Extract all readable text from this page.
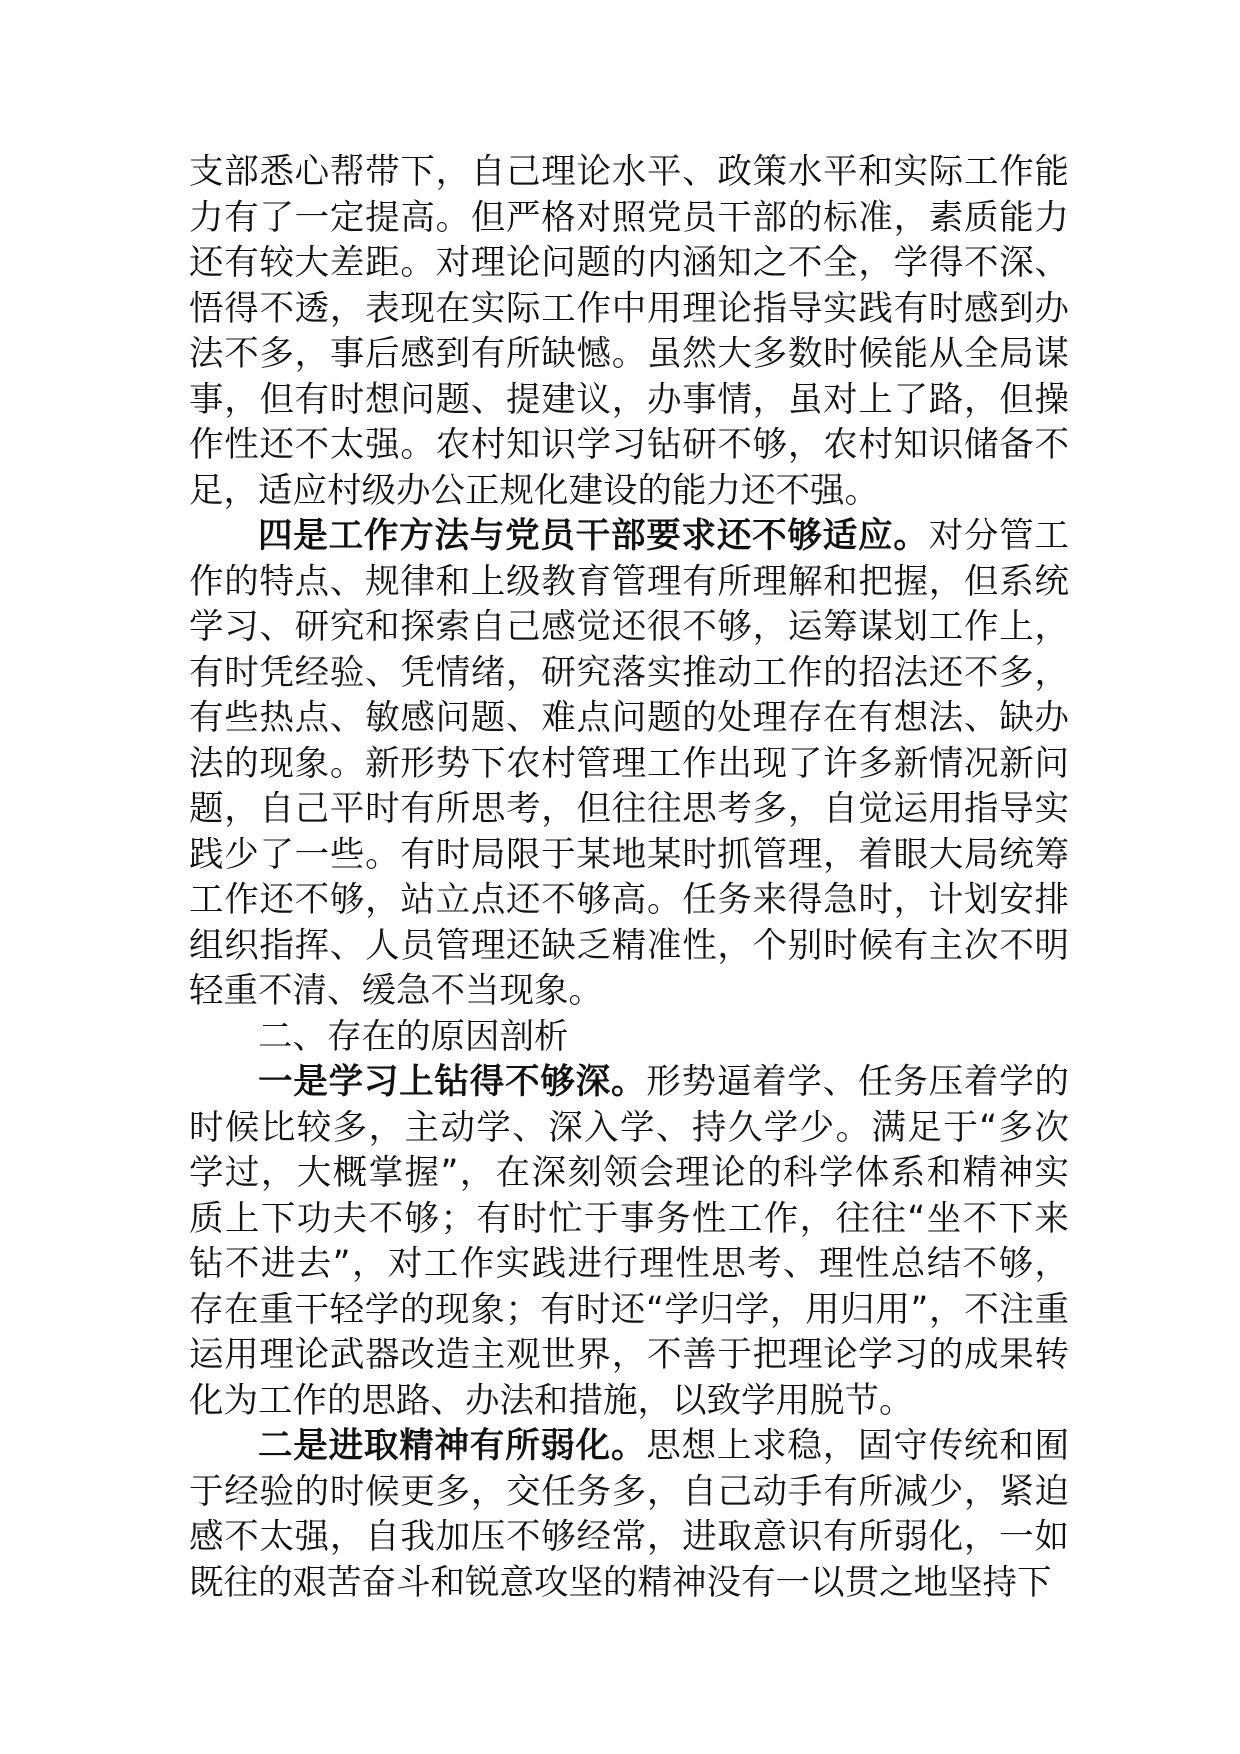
支部悉心帮带下，自己理论水平、政策水平和实际工作能力有了一定提高。但严格对照党员干部的标准，素质能力还有较大差距。对理论问题的内涵知之不全，学得不深、悟得不透，表现在实际工作中用理论指导实践有时感到办法不多，事后感到有所缺憾。虽然大多数时候能从全局谋事，但有时想问题、提建议，办事情，虽对上了路，但操作性还不太强。农村知识学习钻研不够，农村知识储备不足，适应村级办公正规化建设的能力还不强。

四是工作方法与党员干部要求还不够适应。对分管工作的特点、规律和上级教育管理有所理解和把握，但系统学习、研究和探索自己感觉还很不够，运筹谋划工作上，有时凭经验、凭情绪，研究落实推动工作的招法还不多，有些热点、敏感问题、难点问题的处理存在有想法、缺办法的现象。新形势下农村管理工作出现了许多新情况新问题，自己平时有所思考，但往往思考多，自觉运用指导实践少了一些。有时局限于某地某时抓管理，着眼大局统筹工作还不够，站立点还不够高。任务来得急时，计划安排组织指挥、人员管理还缺乏精准性，个别时候有主次不明轻重不清、缓急不当现象。

二、存在的原因剖析

一是学习上钻得不够深。形势逼着学、任务压着学的时候比较多，主动学、深入学、持久学少。满足于“多次学过，大概掌握”，在深刻领会理论的科学体系和精神实质上下功夫不够；有时忙于事务性工作，往往“坐不下来钻不进去”，对工作实践进行理性思考、理性总结不够，存在重干轻学的现象；有时还“学归学，用归用”，不注重运用理论武器改造主观世界，不善于把理论学习的成果转化为工作的思路、办法和措施，以致学用脱节。

二是进取精神有所弱化。思想上求稳，固守传统和囿于经验的时候更多，交任务多，自己动手有所减少，紧迫感不太强，自我加压不够经常，进取意识有所弱化，一如既往的艰苦奋斗和锐意攻坚的精神没有一以贯之地坚持下
